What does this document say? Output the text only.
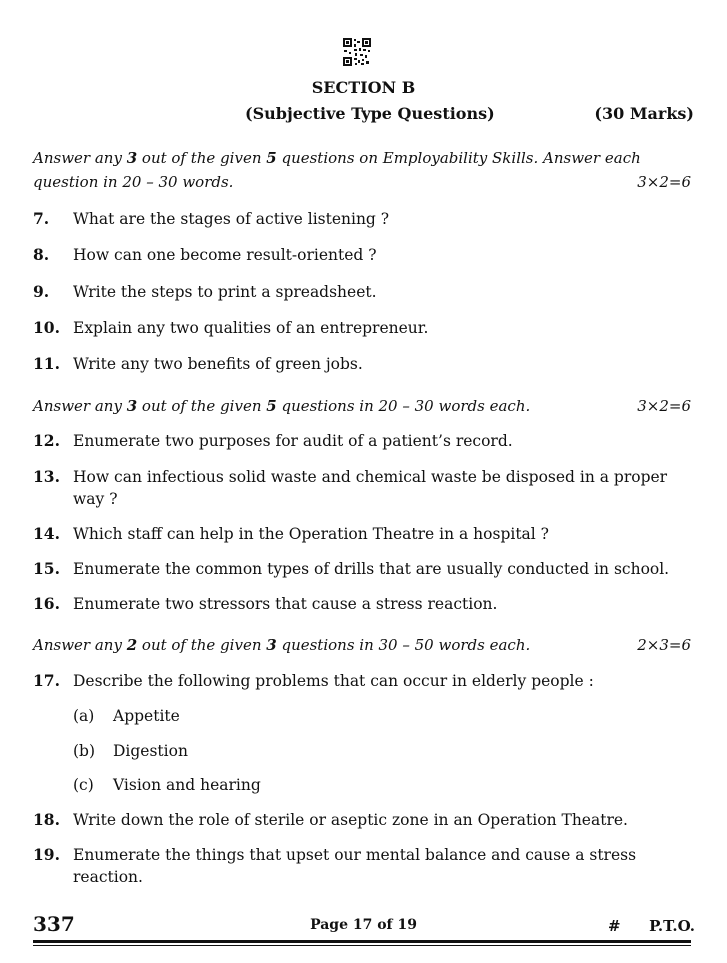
SECTION B
(Subjective Type Questions)	(30 Marks)
Answer any 3 out of the given 5 questions on Employability Skills. Answer each question in 20 – 30 words.	3×2=6
7. What are the stages of active listening ?
8. How can one become result-oriented ?
9. Write the steps to print a spreadsheet.
10. Explain any two qualities of an entrepreneur.
11. Write any two benefits of green jobs.
Answer any 3 out of the given 5 questions in 20 – 30 words each.	3×2=6
12. Enumerate two purposes for audit of a patient’s record.
13. How can infectious solid waste and chemical waste be disposed in a proper way ?
14. Which staff can help in the Operation Theatre in a hospital ?
15. Enumerate the common types of drills that are usually conducted in school.
16. Enumerate two stressors that cause a stress reaction.
Answer any 2 out of the given 3 questions in 30 – 50 words each.	2×3=6
17. Describe the following problems that can occur in elderly people :
(a) Appetite
(b) Digestion
(c) Vision and hearing
18. Write down the role of sterile or aseptic zone in an Operation Theatre.
19. Enumerate the things that upset our mental balance and cause a stress reaction.
337	Page 17 of 19	# P.T.O.
